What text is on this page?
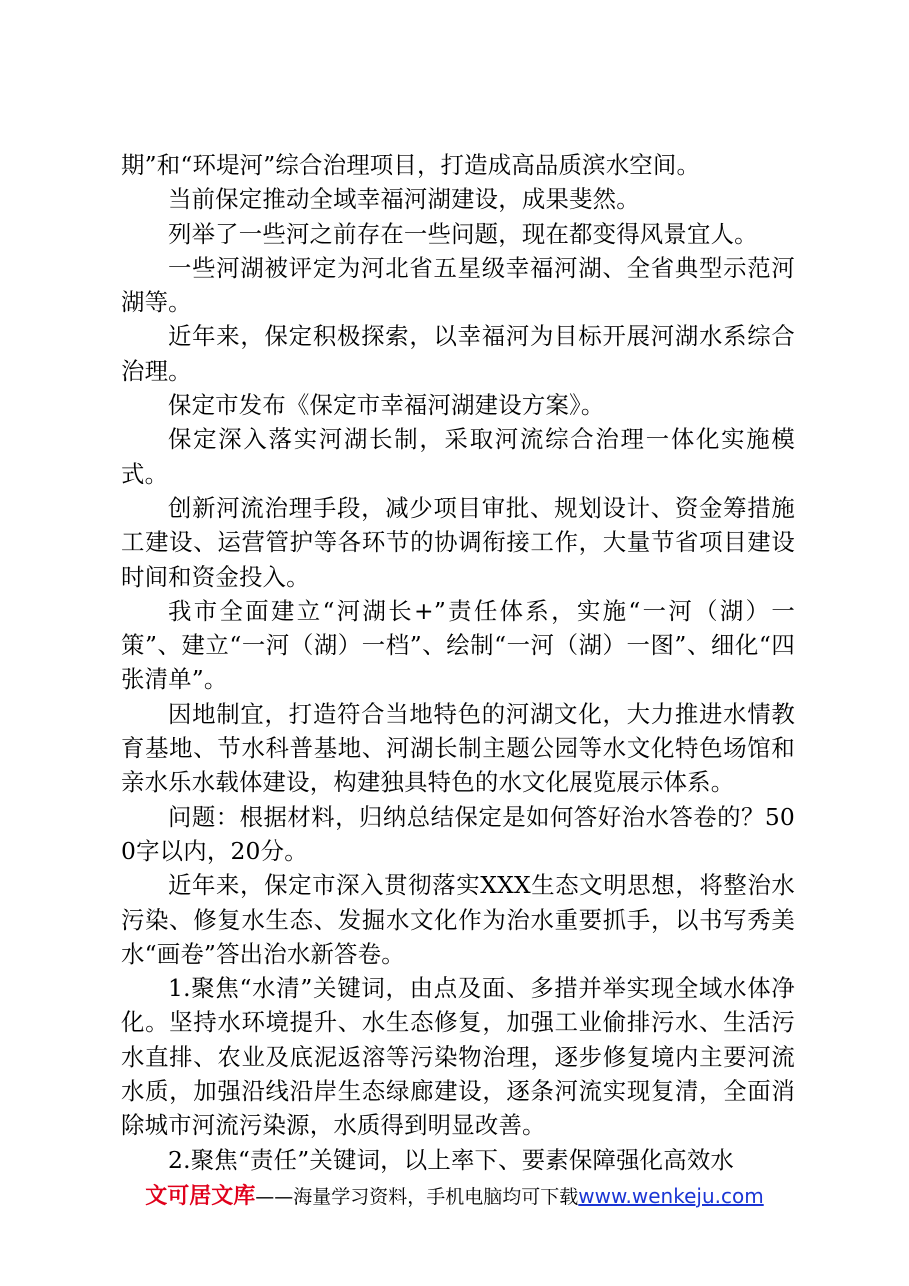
期”和“环堤河”综合治理项目，打造成高品质滨水空间。

当前保定推动全域幸福河湖建设，成果斐然。

列举了一些河之前存在一些问题，现在都变得风景宜人。

一些河湖被评定为河北省五星级幸福河湖、全省典型示范河湖等。

近年来，保定积极探索，以幸福河为目标开展河湖水系综合治理。

保定市发布《保定市幸福河湖建设方案》。

保定深入落实河湖长制，采取河流综合治理一体化实施模式。

创新河流治理手段，减少项目审批、规划设计、资金筹措施工建设、运营管护等各环节的协调衔接工作，大量节省项目建设时间和资金投入。

我市全面建立“河湖长+”责任体系，实施“一河（湖）一策”、建立“一河（湖）一档”、绘制“一河（湖）一图”、细化“四张清单”。

因地制宜，打造符合当地特色的河湖文化，大力推进水情教育基地、节水科普基地、河湖长制主题公园等水文化特色场馆和亲水乐水载体建设，构建独具特色的水文化展览展示体系。

问题：根据材料，归纳总结保定是如何答好治水答卷的？500字以内，20分。

近年来，保定市深入贯彻落实XXX生态文明思想，将整治水污染、修复水生态、发掘水文化作为治水重要抓手，以书写秀美水“画卷”答出治水新答卷。

1.聚焦“水清”关键词，由点及面、多措并举实现全域水体净化。坚持水环境提升、水生态修复，加强工业偷排污水、生活污水直排、农业及底泥返溶等污染物治理，逐步修复境内主要河流水质，加强沿线沿岸生态绿廊建设，逐条河流实现复清，全面消除城市河流污染源，水质得到明显改善。

2.聚焦“责任”关键词，以上率下、要素保障强化高效水

文可居文库——海量学习资料，手机电脑均可下载www.wenkeju.com
